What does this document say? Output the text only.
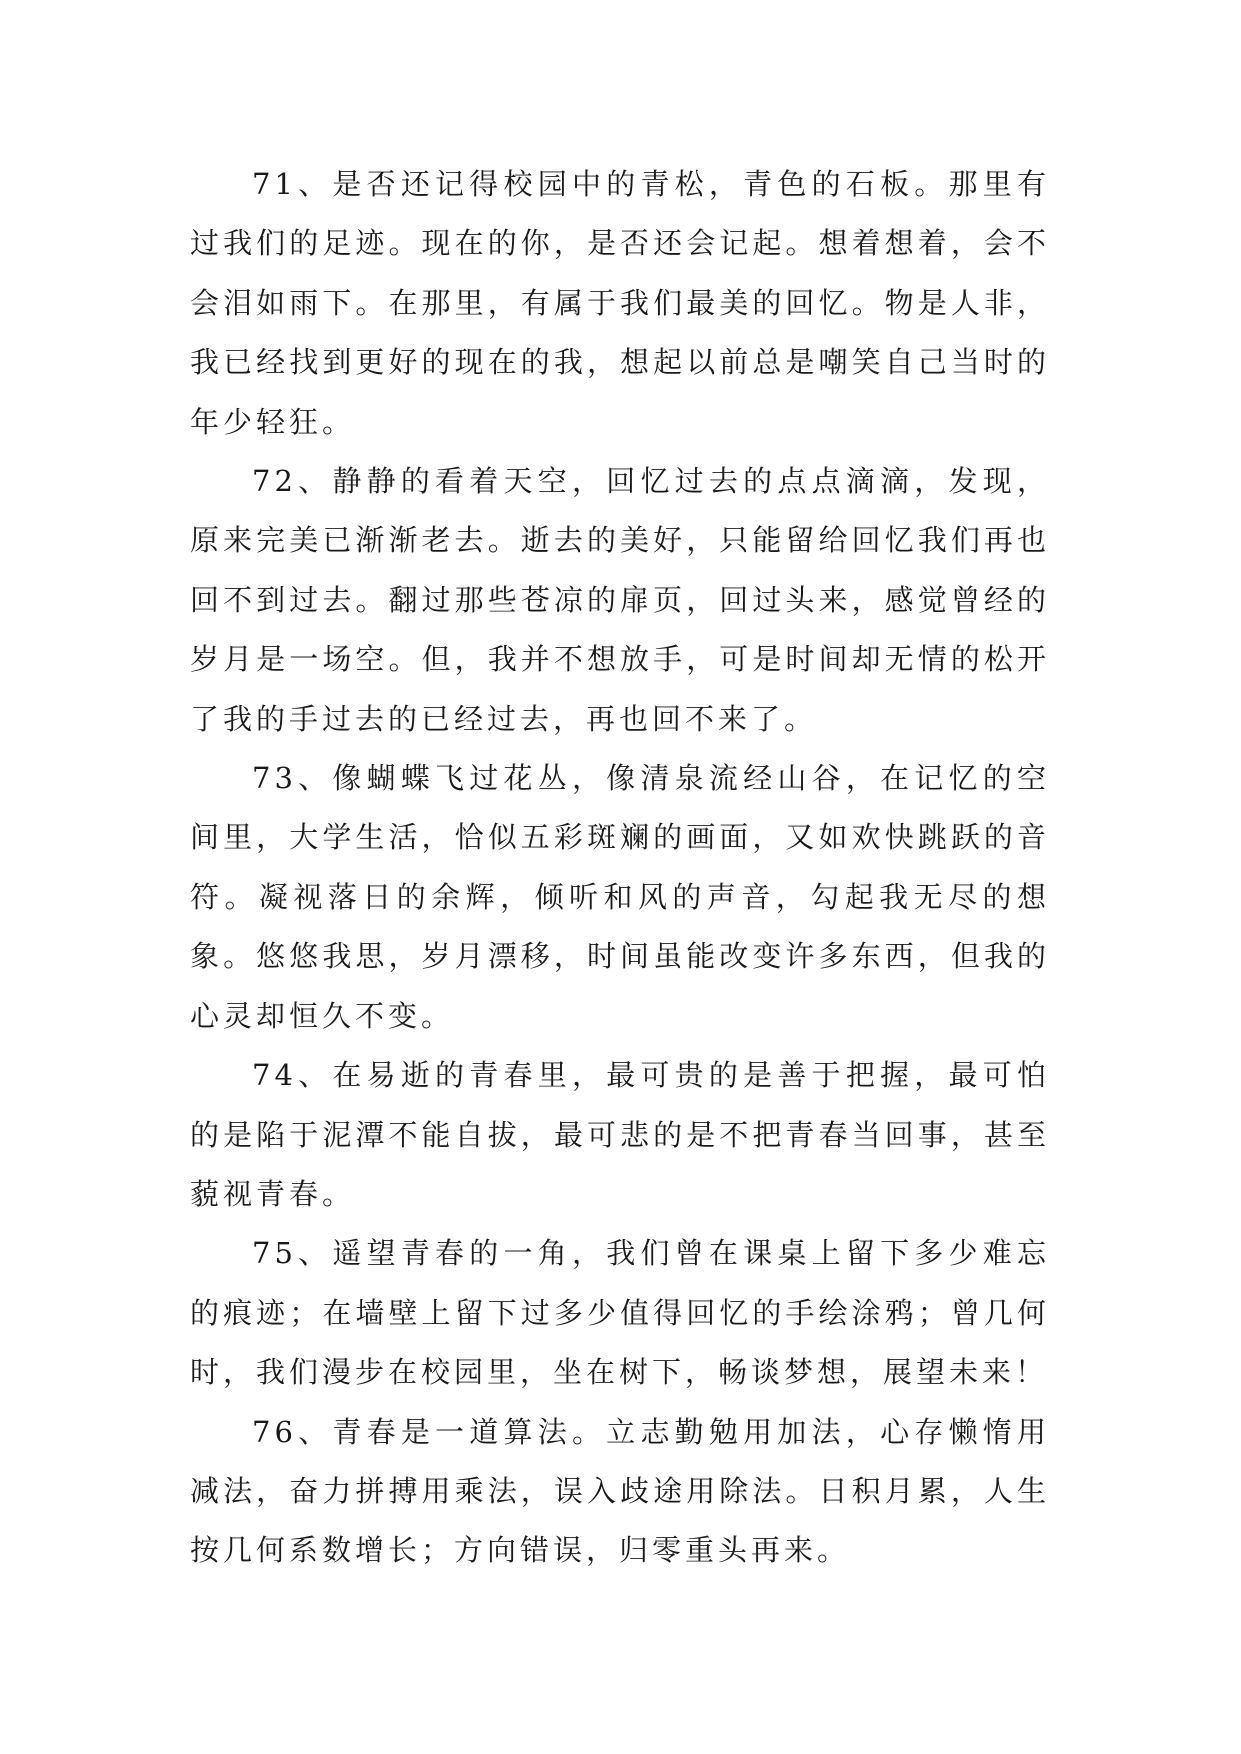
71、是否还记得校园中的青松，青色的石板。那里有过我们的足迹。现在的你，是否还会记起。想着想着，会不会泪如雨下。在那里，有属于我们最美的回忆。物是人非，我已经找到更好的现在的我，想起以前总是嘲笑自己当时的年少轻狂。

72、静静的看着天空，回忆过去的点点滴滴，发现，原来完美已渐渐老去。逝去的美好，只能留给回忆我们再也回不到过去。翻过那些苍凉的扉页，回过头来，感觉曾经的岁月是一场空。但，我并不想放手，可是时间却无情的松开了我的手过去的已经过去，再也回不来了。

73、像蝴蝶飞过花丛，像清泉流经山谷，在记忆的空间里，大学生活，恰似五彩斑斓的画面，又如欢快跳跃的音符。凝视落日的余辉，倾听和风的声音，勾起我无尽的想象。悠悠我思，岁月漂移，时间虽能改变许多东西，但我的心灵却恒久不变。

74、在易逝的青春里，最可贵的是善于把握，最可怕的是陷于泥潭不能自拔，最可悲的是不把青春当回事，甚至藐视青春。

75、遥望青春的一角，我们曾在课桌上留下多少难忘的痕迹；在墙壁上留下过多少值得回忆的手绘涂鸦；曾几何时，我们漫步在校园里，坐在树下，畅谈梦想，展望未来！

76、青春是一道算法。立志勤勉用加法，心存懒惰用减法，奋力拼搏用乘法，误入歧途用除法。日积月累，人生按几何系数增长；方向错误，归零重头再来。
